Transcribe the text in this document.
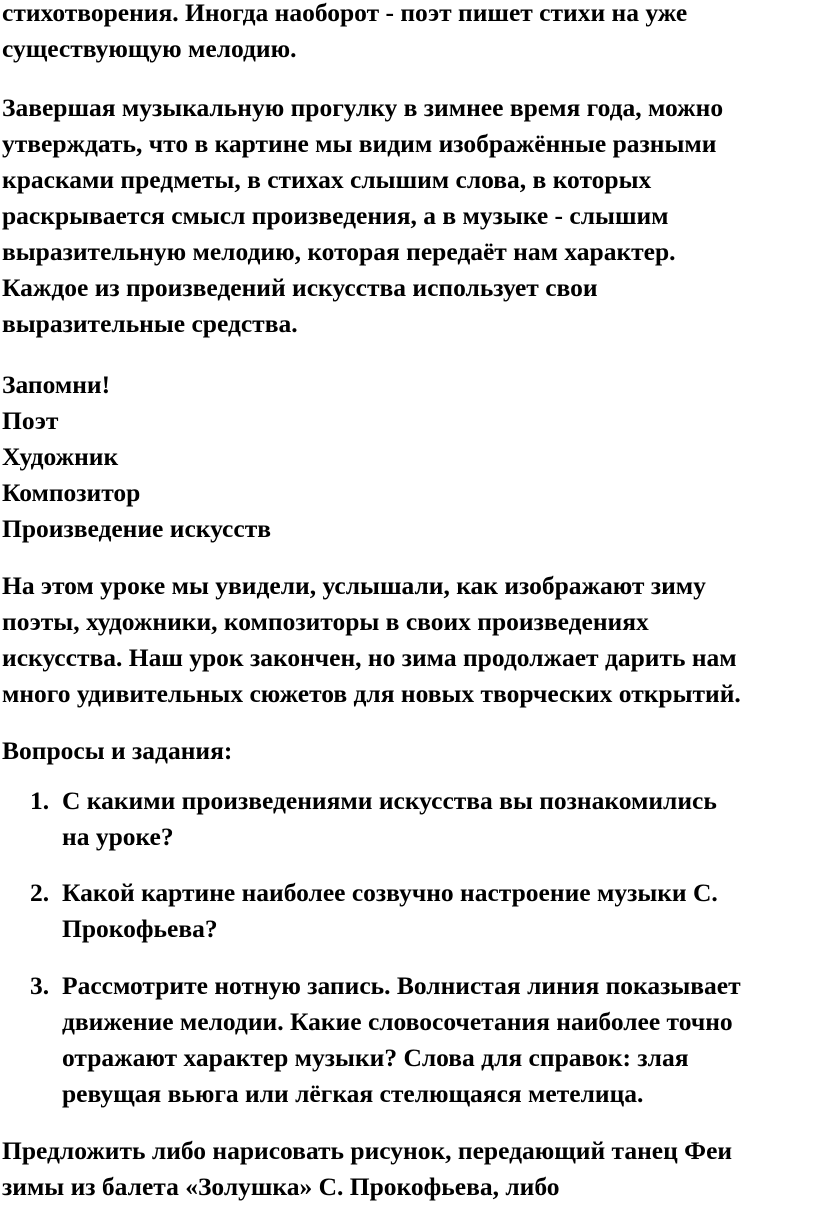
стихотворения. Иногда наоборот - поэт пишет стихи на уже
существующую мелодию.

Завершая музыкальную прогулку в зимнее время года, можно
утверждать, что в картине мы видим изображённые разными
красками предметы, в стихах слышим слова, в которых
раскрывается смысл произведения, а в музыке - слышим
выразительную мелодию, которая передаёт нам характер.
Каждое из произведений искусства использует свои
выразительные средства.

Запомни!
Поэт
Художник
Композитор
Произведение искусств

На этом уроке мы увидели, услышали, как изображают зиму
поэты, художники, композиторы в своих произведениях
искусства. Наш урок закончен, но зима продолжает дарить нам
много удивительных сюжетов для новых творческих открытий.

Вопросы и задания:

1. С какими произведениями искусства вы познакомились
на уроке?
2. Какой картине наиболее созвучно настроение музыки С.
Прокофьева?
3. Рассмотрите нотную запись. Волнистая линия показывает
движение мелодии. Какие словосочетания наиболее точно
отражают характер музыки? Слова для справок: злая
ревущая вьюга или лёгкая стелющаяся метелица.

Предложить либо нарисовать рисунок, передающий танец Феи
зимы из балета «Золушка» С. Прокофьева, либо
